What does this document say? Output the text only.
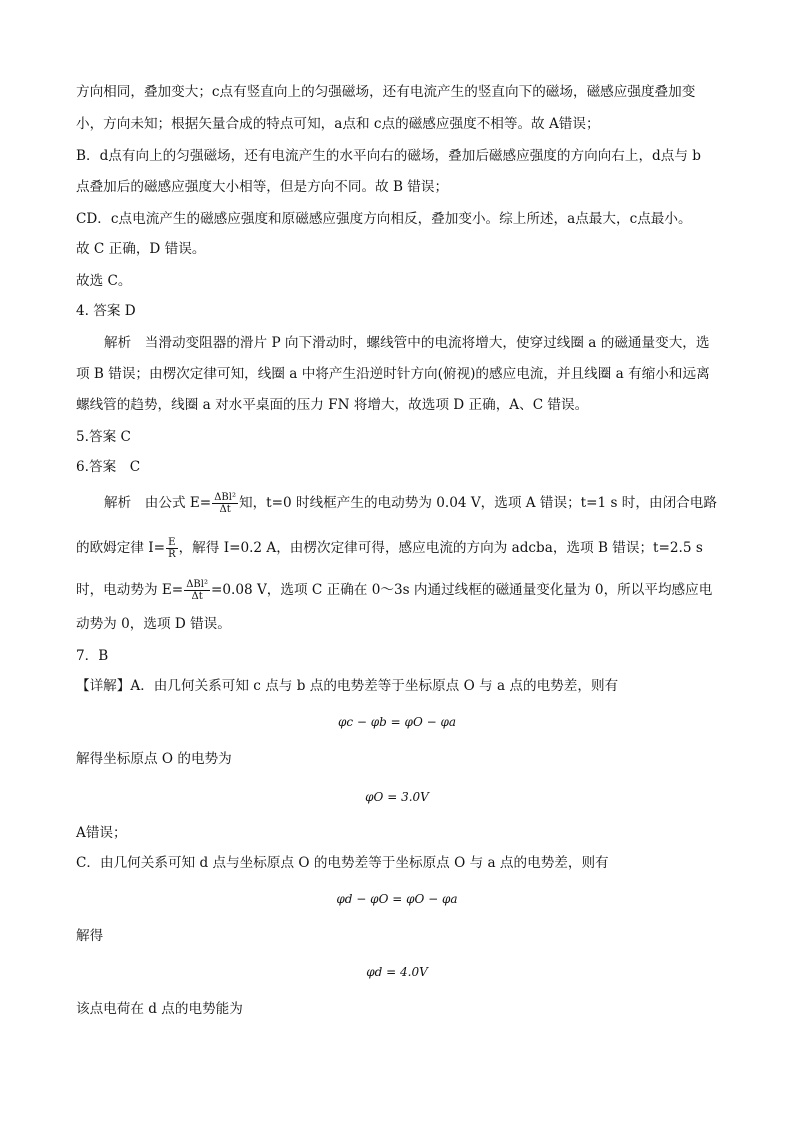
方向相同，叠加变大；c点有竖直向上的匀强磁场，还有电流产生的竖直向下的磁场，磁感应强度叠加变
小，方向未知；根据矢量合成的特点可知，a点和 c点的磁感应强度不相等。故 A错误；
B．d点有向上的匀强磁场，还有电流产生的水平向右的磁场，叠加后磁感应强度的方向向右上，d点与 b
点叠加后的磁感应强度大小相等，但是方向不同。故 B 错误；
CD．c点电流产生的磁感应强度和原磁感应强度方向相反，叠加变小。综上所述，a点最大，c点最小。
故 C 正确，D 错误。
故选 C。
4. 答案 D
解析　当滑动变阻器的滑片 P 向下滑动时，螺线管中的电流将增大，使穿过线圈 a 的磁通量变大，选
项 B 错误；由楞次定律可知，线圈 a 中将产生沿逆时针方向(俯视)的感应电流，并且线圈 a 有缩小和远离
螺线管的趋势，线圈 a 对水平桌面的压力 FN 将增大，故选项 D 正确，A、C 错误。
5.答案 C
6.答案　C
解析　由公式 $E= \frac{\text{ΔBl²}}{\Delta t}$ 知，t=0 时线框产生的电动势为 0.04 V，选项 A 错误；t=1 s 时，由闭合电路
的欧姆定律 $I= \frac{E}{R}$ ，解得 I=0.2 A，由楞次定律可得，感应电流的方向为 adcba，选项 B 错误；t=2.5 s
时，电动势为 $E= \frac{\text{ΔBl²}}{\Delta t} =0.08$ V，选项 C 正确在 0～3s 内通过线框的磁通量变化量为 0，所以平均感应电
动势为 0，选项 D 错误。
7．B
【详解】A．由几何关系可知 c 点与 b 点的电势差等于坐标原点 O 与 a 点的电势差，则有
φc − φb = φO − φa
解得坐标原点 O 的电势为
φO = 3.0V
A错误；
C．由几何关系可知 d 点与坐标原点 O 的电势差等于坐标原点 O 与 a 点的电势差，则有
φd − φO = φO − φa
解得
φd = 4.0V
该点电荷在 d 点的电势能为
